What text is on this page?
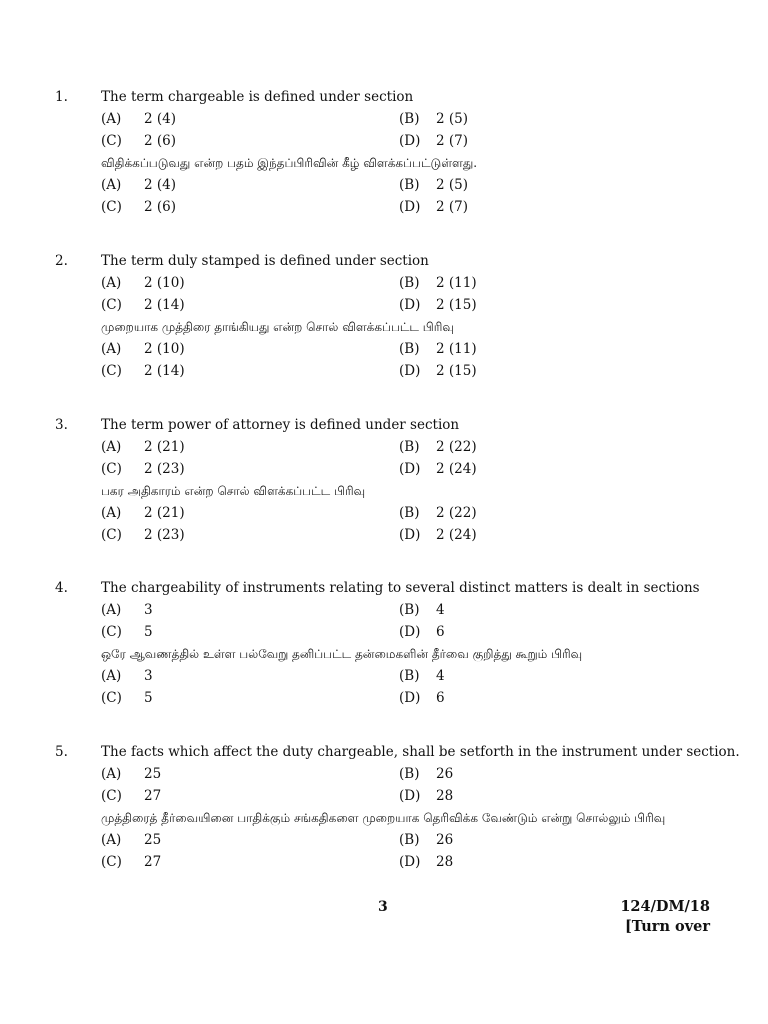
1. The term chargeable is defined under section
(A) 2 (4)	(B) 2 (5)
(C) 2 (6)	(D) 2 (7)
விதிக்கப்படுவது என்ற பதம் இந்தப்பிரிவின் கீழ் விளக்கப்பட்டுள்ளது.
(A) 2 (4)	(B) 2 (5)
(C) 2 (6)	(D) 2 (7)
2. The term duly stamped is defined under section
(A) 2 (10)	(B) 2 (11)
(C) 2 (14)	(D) 2 (15)
முறையாக முத்திரை தாங்கியது என்ற சொல் விளக்கப்பட்ட பிரிவு
(A) 2 (10)	(B) 2 (11)
(C) 2 (14)	(D) 2 (15)
3. The term power of attorney is defined under section
(A) 2 (21)	(B) 2 (22)
(C) 2 (23)	(D) 2 (24)
பகர அதிகாரம் என்ற சொல் விளக்கப்பட்ட பிரிவு
(A) 2 (21)	(B) 2 (22)
(C) 2 (23)	(D) 2 (24)
4. The chargeability of instruments relating to several distinct matters is dealt in sections
(A) 3	(B) 4
(C) 5	(D) 6
ஒரே ஆவணத்தில் உள்ள பல்வேறு தனிப்பட்ட தன்மைகளின் தீர்வை குறித்து கூறும் பிரிவு
(A) 3	(B) 4
(C) 5	(D) 6
5. The facts which affect the duty chargeable, shall be setforth in the instrument under section.
(A) 25	(B) 26
(C) 27	(D) 28
முத்திரைத் தீர்வையினை பாதிக்கும் சங்கதிகளை முறையாக தெரிவிக்க வேண்டும் என்று சொல்லும் பிரிவு
(A) 25	(B) 26
(C) 27	(D) 28
3	124/DM/18
[Turn over
